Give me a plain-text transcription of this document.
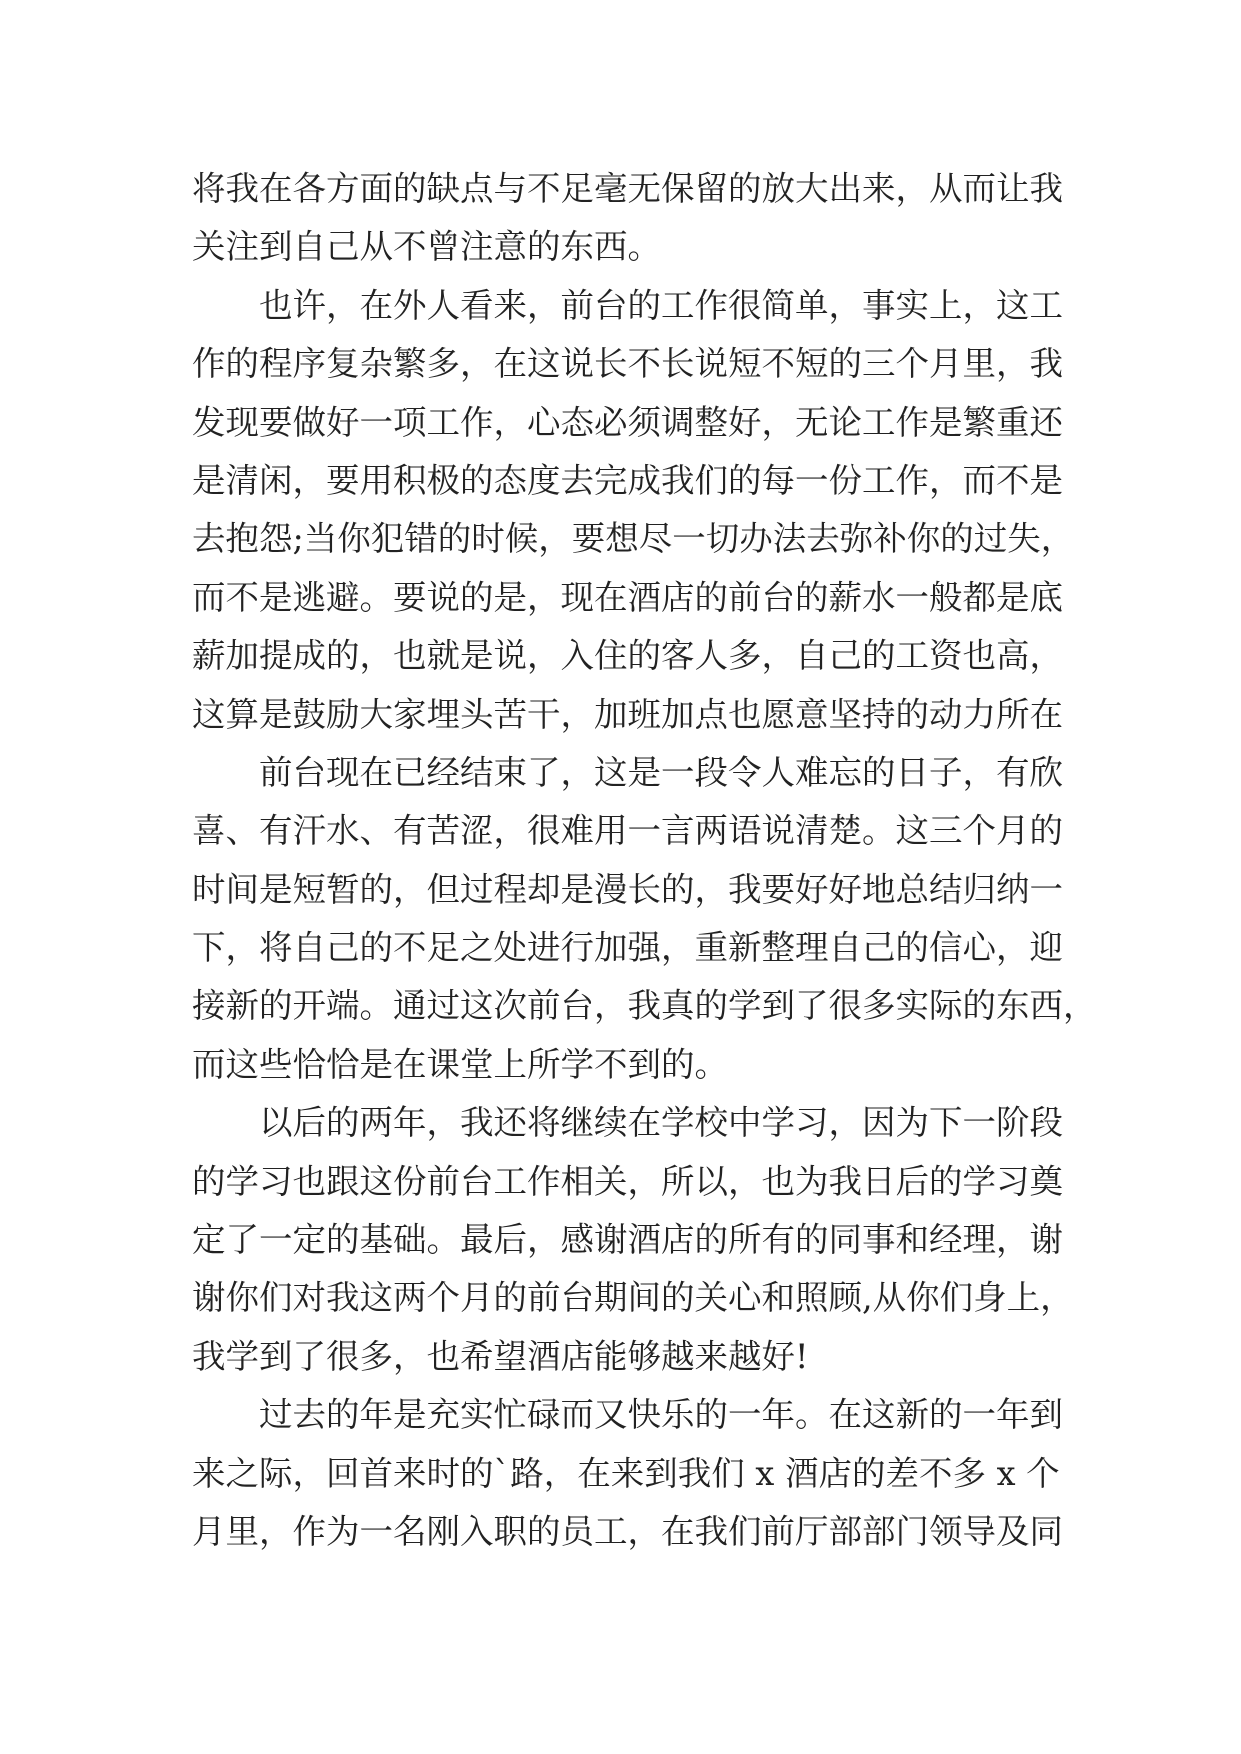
将我在各方面的缺点与不足毫无保留的放大出来，从而让我
关注到自己从不曾注意的东西。
也许，在外人看来，前台的工作很简单，事实上，这工
作的程序复杂繁多，在这说长不长说短不短的三个月里，我
发现要做好一项工作，心态必须调整好，无论工作是繁重还
是清闲，要用积极的态度去完成我们的每一份工作，而不是
去抱怨;当你犯错的时候，要想尽一切办法去弥补你的过失，
而不是逃避。要说的是，现在酒店的前台的薪水一般都是底
薪加提成的，也就是说，入住的客人多，自己的工资也高，
这算是鼓励大家埋头苦干，加班加点也愿意坚持的动力所在
前台现在已经结束了，这是一段令人难忘的日子，有欣
喜、有汗水、有苦涩，很难用一言两语说清楚。这三个月的
时间是短暂的，但过程却是漫长的，我要好好地总结归纳一
下，将自己的不足之处进行加强，重新整理自己的信心，迎
接新的开端。通过这次前台，我真的学到了很多实际的东西，
而这些恰恰是在课堂上所学不到的。
以后的两年，我还将继续在学校中学习，因为下一阶段
的学习也跟这份前台工作相关，所以，也为我日后的学习奠
定了一定的基础。最后，感谢酒店的所有的同事和经理，谢
谢你们对我这两个月的前台期间的关心和照顾,从你们身上，
我学到了很多，也希望酒店能够越来越好!
过去的年是充实忙碌而又快乐的一年。在这新的一年到
来之际，回首来时的`路，在来到我们 x 酒店的差不多 x 个
月里，作为一名刚入职的员工，在我们前厅部部门领导及同
